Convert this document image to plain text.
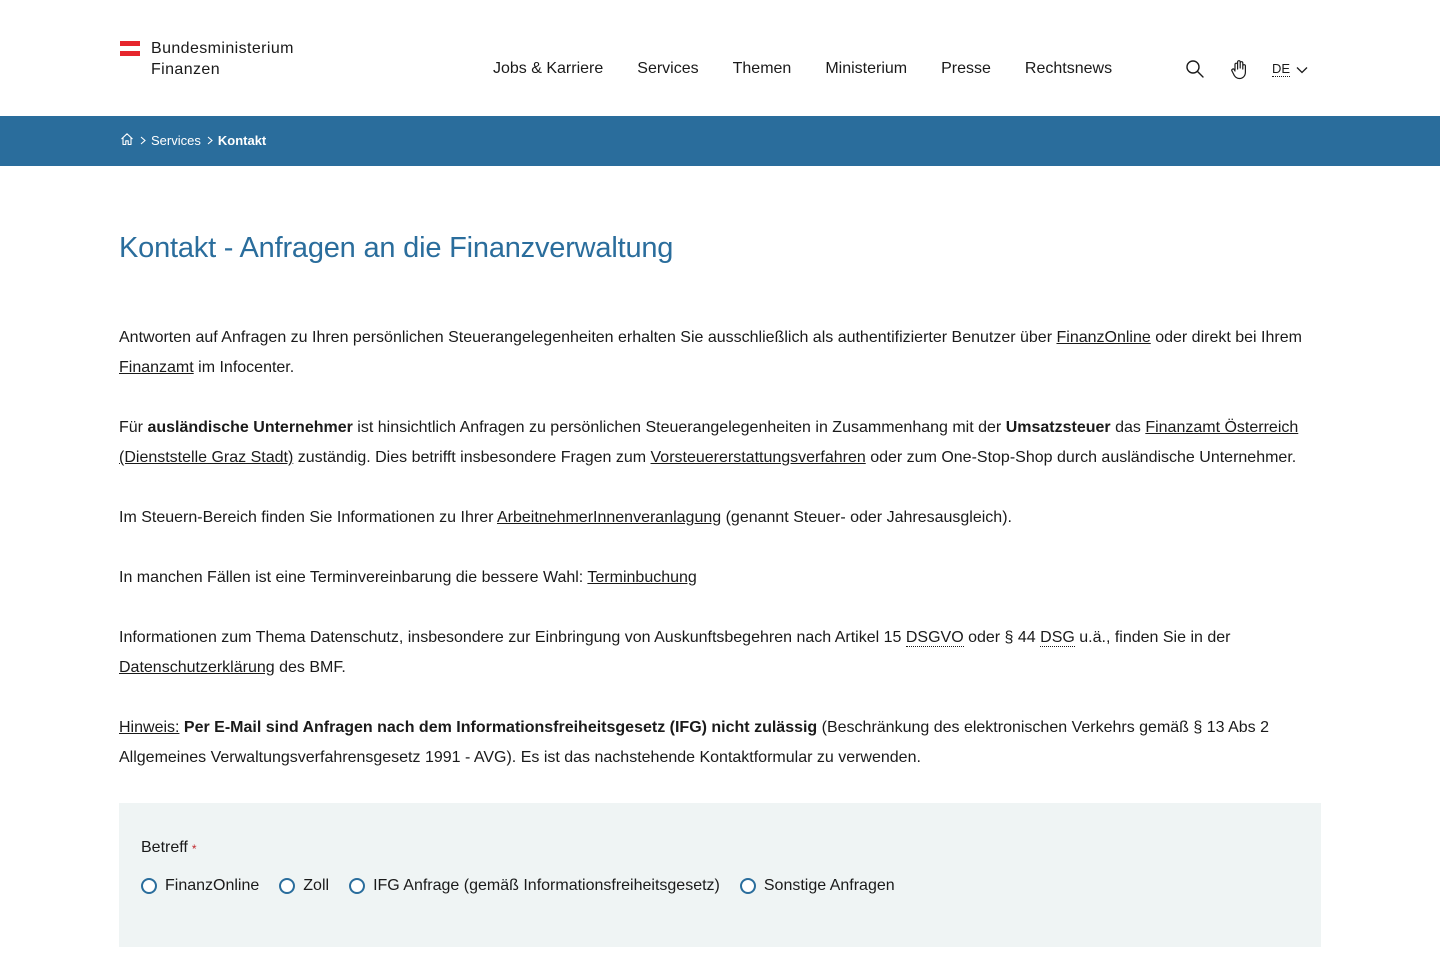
Bundesministerium
Finanzen	Jobs & Karriere Services Themen Ministerium Presse Rechtsnews	DE
Services Kontakt
Kontakt - Anfragen an die Finanzverwaltung

Antworten auf Anfragen zu Ihren persönlichen Steuerangelegenheiten erhalten Sie ausschließlich als authentifizierter Benutzer über FinanzOnline oder direkt bei Ihrem Finanzamt im Infocenter.

Für ausländische Unternehmer ist hinsichtlich Anfragen zu persönlichen Steuerangelegenheiten in Zusammenhang mit der Umsatzsteuer das Finanzamt Österreich (Dienststelle Graz Stadt) zuständig. Dies betrifft insbesondere Fragen zum Vorsteuererstattungsverfahren oder zum One-Stop-Shop durch ausländische Unternehmer.

Im Steuern-Bereich finden Sie Informationen zu Ihrer ArbeitnehmerInnenveranlagung (genannt Steuer- oder Jahresausgleich).

In manchen Fällen ist eine Terminvereinbarung die bessere Wahl: Terminbuchung

Informationen zum Thema Datenschutz, insbesondere zur Einbringung von Auskunftsbegehren nach Artikel 15 DSGVO oder § 44 DSG u.ä., finden Sie in der Datenschutzerklärung des BMF.

Hinweis: Per E-Mail sind Anfragen nach dem Informationsfreiheitsgesetz (IFG) nicht zulässig (Beschränkung des elektronischen Verkehrs gemäß § 13 Abs 2 Allgemeines Verwaltungsverfahrensgesetz 1991 - AVG). Es ist das nachstehende Kontaktformular zu verwenden.

Betreff *
FinanzOnline	Zoll	IFG Anfrage (gemäß Informationsfreiheitsgesetz)	Sonstige Anfragen
